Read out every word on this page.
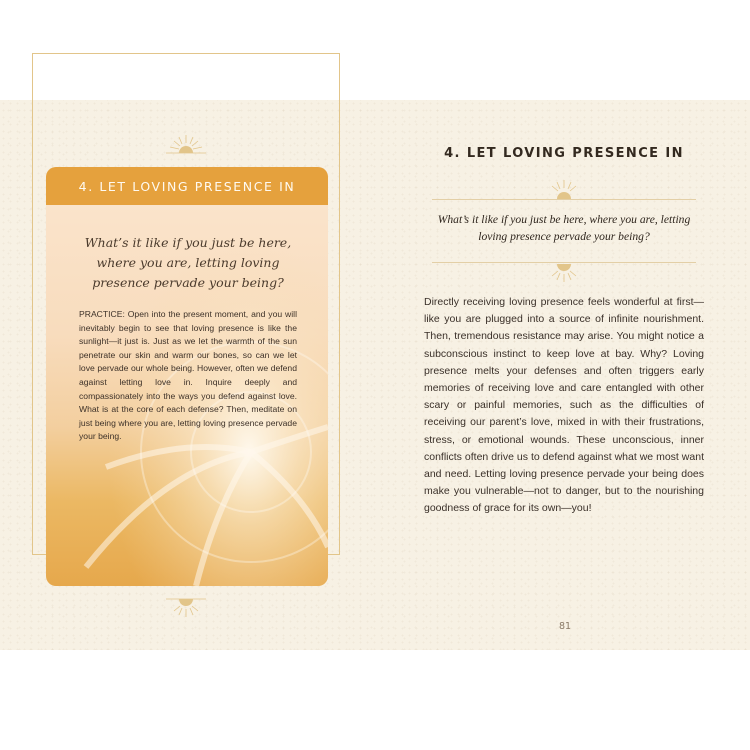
4. LET LOVING PRESENCE IN

What’s it like if you just be here, where you are, letting loving presence pervade your being?

PRACTICE: Open into the present moment, and you will inevitably begin to see that loving presence is like the sunlight—it just is. Just as we let the warmth of the sun penetrate our skin and warm our bones, so can we let love pervade our whole being. However, often we defend against letting love in. Inquire deeply and compassionately into the ways you defend against love. What is at the core of each defense? Then, meditate on just being where you are, letting loving presence pervade your being.

4. LET LOVING PRESENCE IN

What’s it like if you just be here, where you are, letting loving presence pervade your being?

Directly receiving loving presence feels wonderful at first—like you are plugged into a source of infinite nourishment. Then, tremendous resistance may arise. You might notice a subconscious instinct to keep love at bay. Why? Loving presence melts your defenses and often triggers early memories of receiving love and care entangled with other scary or painful memories, such as the difficulties of receiving our parent’s love, mixed in with their frustrations, stress, or emotional wounds. These unconscious, inner conflicts often drive us to defend against what we most want and need. Letting loving presence pervade your being does make you vulnerable—not to danger, but to the nourishing goodness of grace for its own—you!

81
